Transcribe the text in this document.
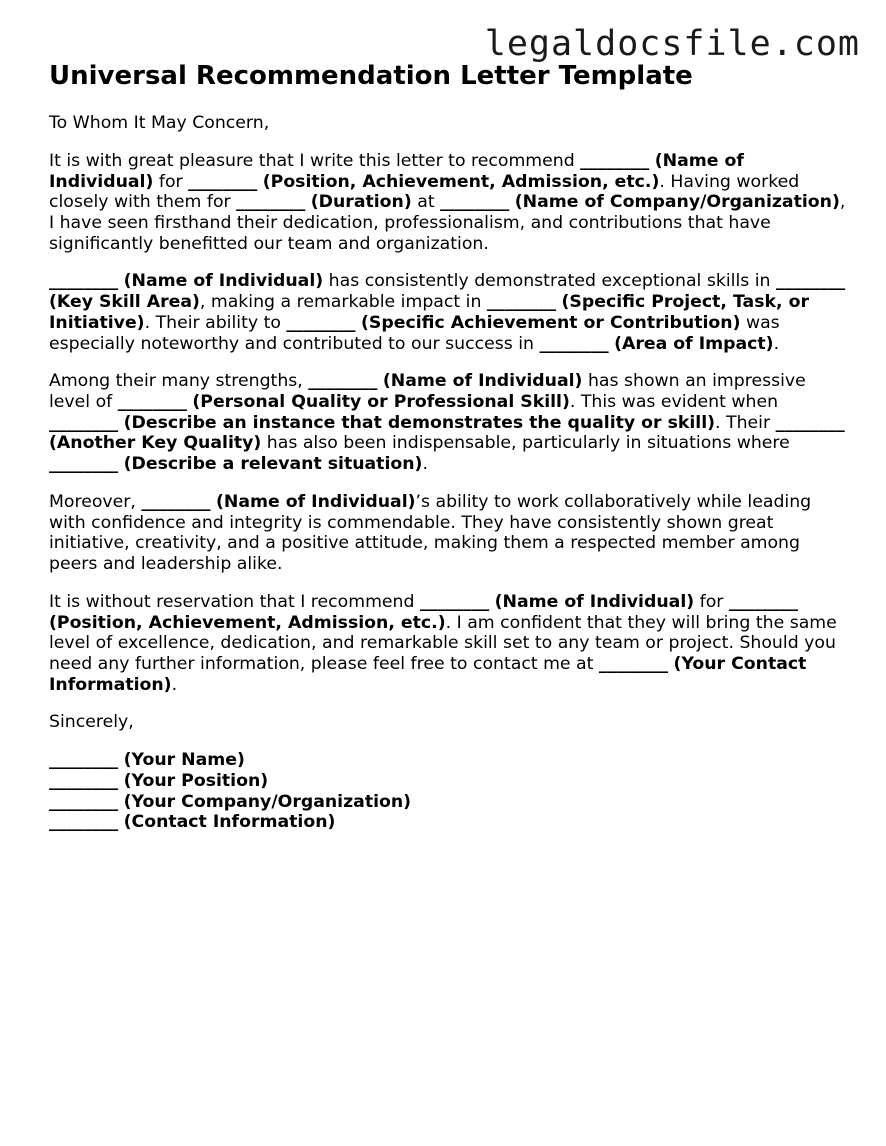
legaldocsfile.com
Universal Recommendation Letter Template

To Whom It May Concern,

It is with great pleasure that I write this letter to recommend ________ (Name of Individual) for ________ (Position, Achievement, Admission, etc.). Having worked closely with them for ________ (Duration) at ________ (Name of Company/Organization), I have seen firsthand their dedication, professionalism, and contributions that have significantly benefitted our team and organization.

________ (Name of Individual) has consistently demonstrated exceptional skills in ________ (Key Skill Area), making a remarkable impact in ________ (Specific Project, Task, or Initiative). Their ability to ________ (Specific Achievement or Contribution) was especially noteworthy and contributed to our success in ________ (Area of Impact).

Among their many strengths, ________ (Name of Individual) has shown an impressive level of ________ (Personal Quality or Professional Skill). This was evident when ________ (Describe an instance that demonstrates the quality or skill). Their ________ (Another Key Quality) has also been indispensable, particularly in situations where ________ (Describe a relevant situation).

Moreover, ________ (Name of Individual)’s ability to work collaboratively while leading with confidence and integrity is commendable. They have consistently shown great initiative, creativity, and a positive attitude, making them a respected member among peers and leadership alike.

It is without reservation that I recommend ________ (Name of Individual) for ________ (Position, Achievement, Admission, etc.). I am confident that they will bring the same level of excellence, dedication, and remarkable skill set to any team or project. Should you need any further information, please feel free to contact me at ________ (Your Contact Information).

Sincerely,

________ (Your Name)
________ (Your Position)
________ (Your Company/Organization)
________ (Contact Information)
